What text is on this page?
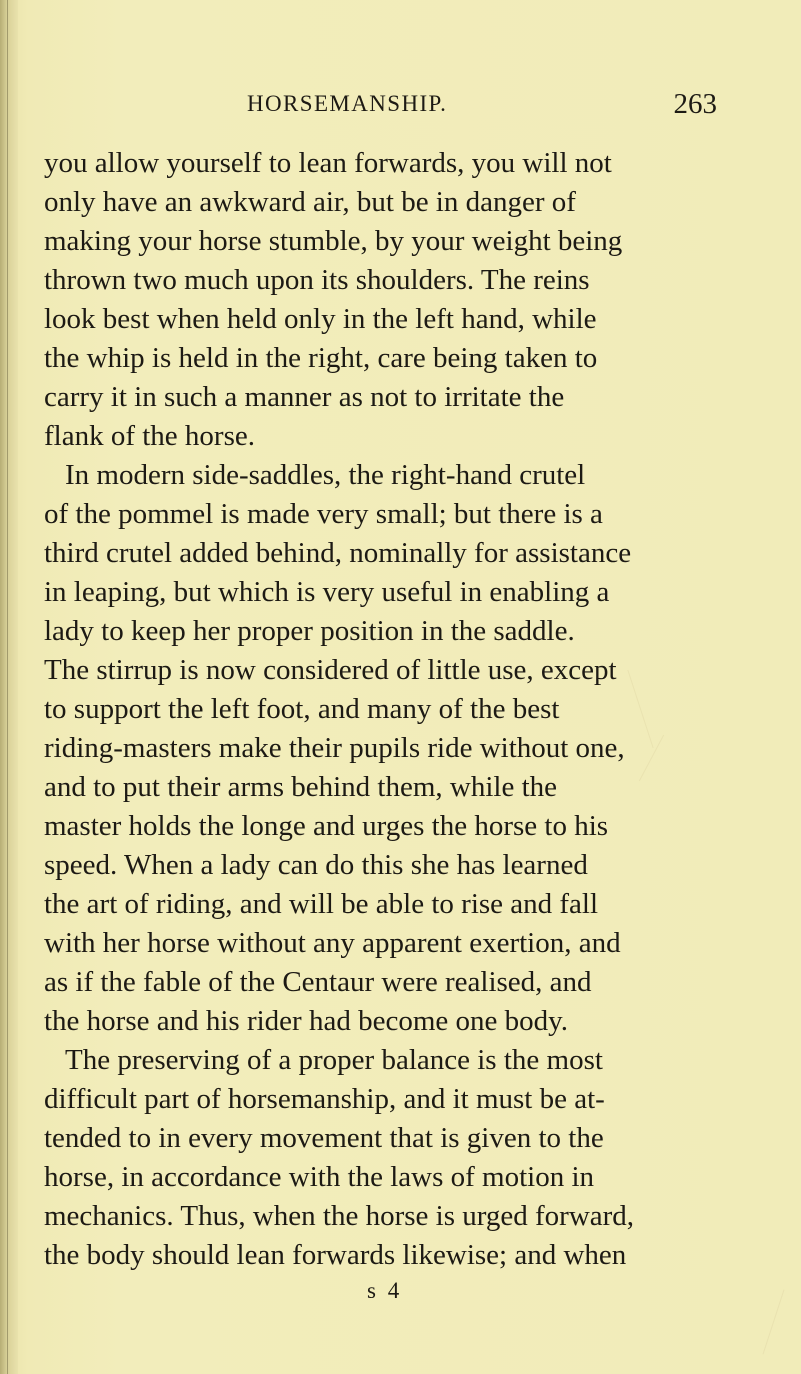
HORSEMANSHIP.	263
you allow yourself to lean forwards, you will not
only have an awkward air, but be in danger of
making your horse stumble, by your weight being
thrown two much upon its shoulders. The reins
look best when held only in the left hand, while
the whip is held in the right, care being taken to
carry it in such a manner as not to irritate the
flank of the horse.
In modern side-saddles, the right-hand crutel
of the pommel is made very small; but there is a
third crutel added behind, nominally for assistance
in leaping, but which is very useful in enabling a
lady to keep her proper position in the saddle.
The stirrup is now considered of little use, except
to support the left foot, and many of the best
riding-masters make their pupils ride without one,
and to put their arms behind them, while the
master holds the longe and urges the horse to his
speed. When a lady can do this she has learned
the art of riding, and will be able to rise and fall
with her horse without any apparent exertion, and
as if the fable of the Centaur were realised, and
the horse and his rider had become one body.
The preserving of a proper balance is the most
difficult part of horsemanship, and it must be at-
tended to in every movement that is given to the
horse, in accordance with the laws of motion in
mechanics. Thus, when the horse is urged forward,
the body should lean forwards likewise; and when
s 4
